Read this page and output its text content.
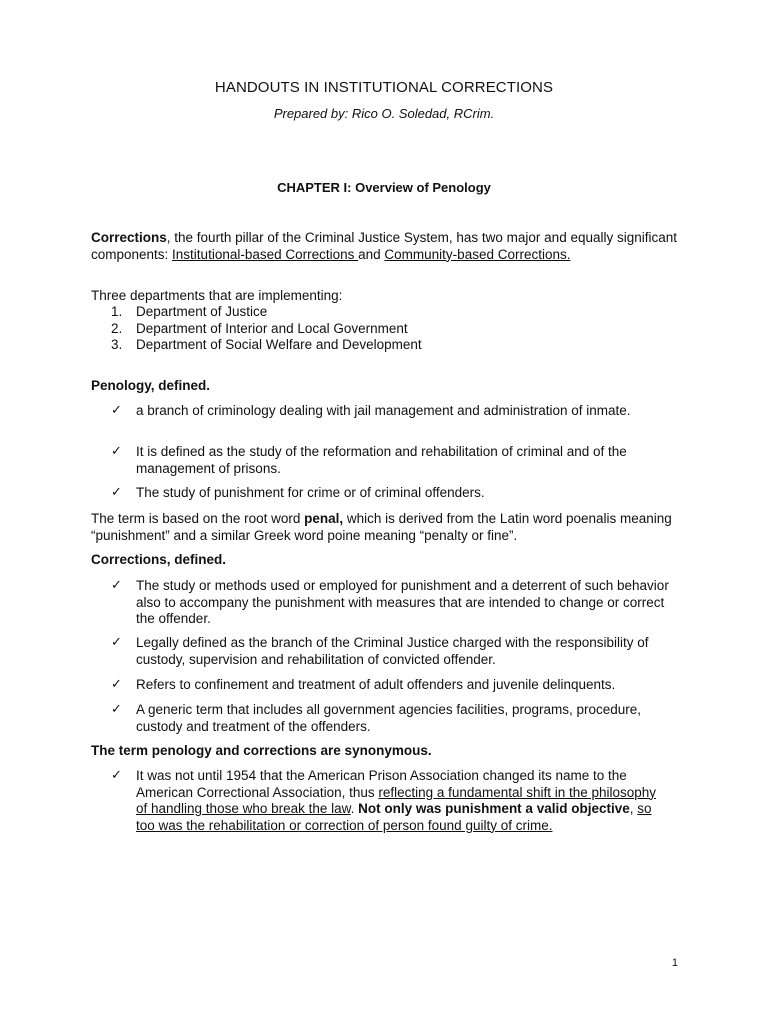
HANDOUTS IN INSTITUTIONAL CORRECTIONS
Prepared by: Rico O. Soledad, RCrim.
CHAPTER I: Overview of Penology
Corrections, the fourth pillar of the Criminal Justice System, has two major and equally significant components: Institutional-based Corrections and Community-based Corrections.
Three departments that are implementing:
1. Department of Justice
2. Department of Interior and Local Government
3. Department of Social Welfare and Development
Penology, defined.
✓ a branch of criminology dealing with jail management and administration of inmate.
✓ It is defined as the study of the reformation and rehabilitation of criminal and of the management of prisons.
✓ The study of punishment for crime or of criminal offenders.
The term is based on the root word penal, which is derived from the Latin word poenalis meaning “punishment” and a similar Greek word poine meaning “penalty or fine”.
Corrections, defined.
✓ The study or methods used or employed for punishment and a deterrent of such behavior also to accompany the punishment with measures that are intended to change or correct the offender.
✓ Legally defined as the branch of the Criminal Justice charged with the responsibility of custody, supervision and rehabilitation of convicted offender.
✓ Refers to confinement and treatment of adult offenders and juvenile delinquents.
✓ A generic term that includes all government agencies facilities, programs, procedure, custody and treatment of the offenders.
The term penology and corrections are synonymous.
✓ It was not until 1954 that the American Prison Association changed its name to the American Correctional Association, thus reflecting a fundamental shift in the philosophy of handling those who break the law. Not only was punishment a valid objective, so too was the rehabilitation or correction of person found guilty of crime.
1
